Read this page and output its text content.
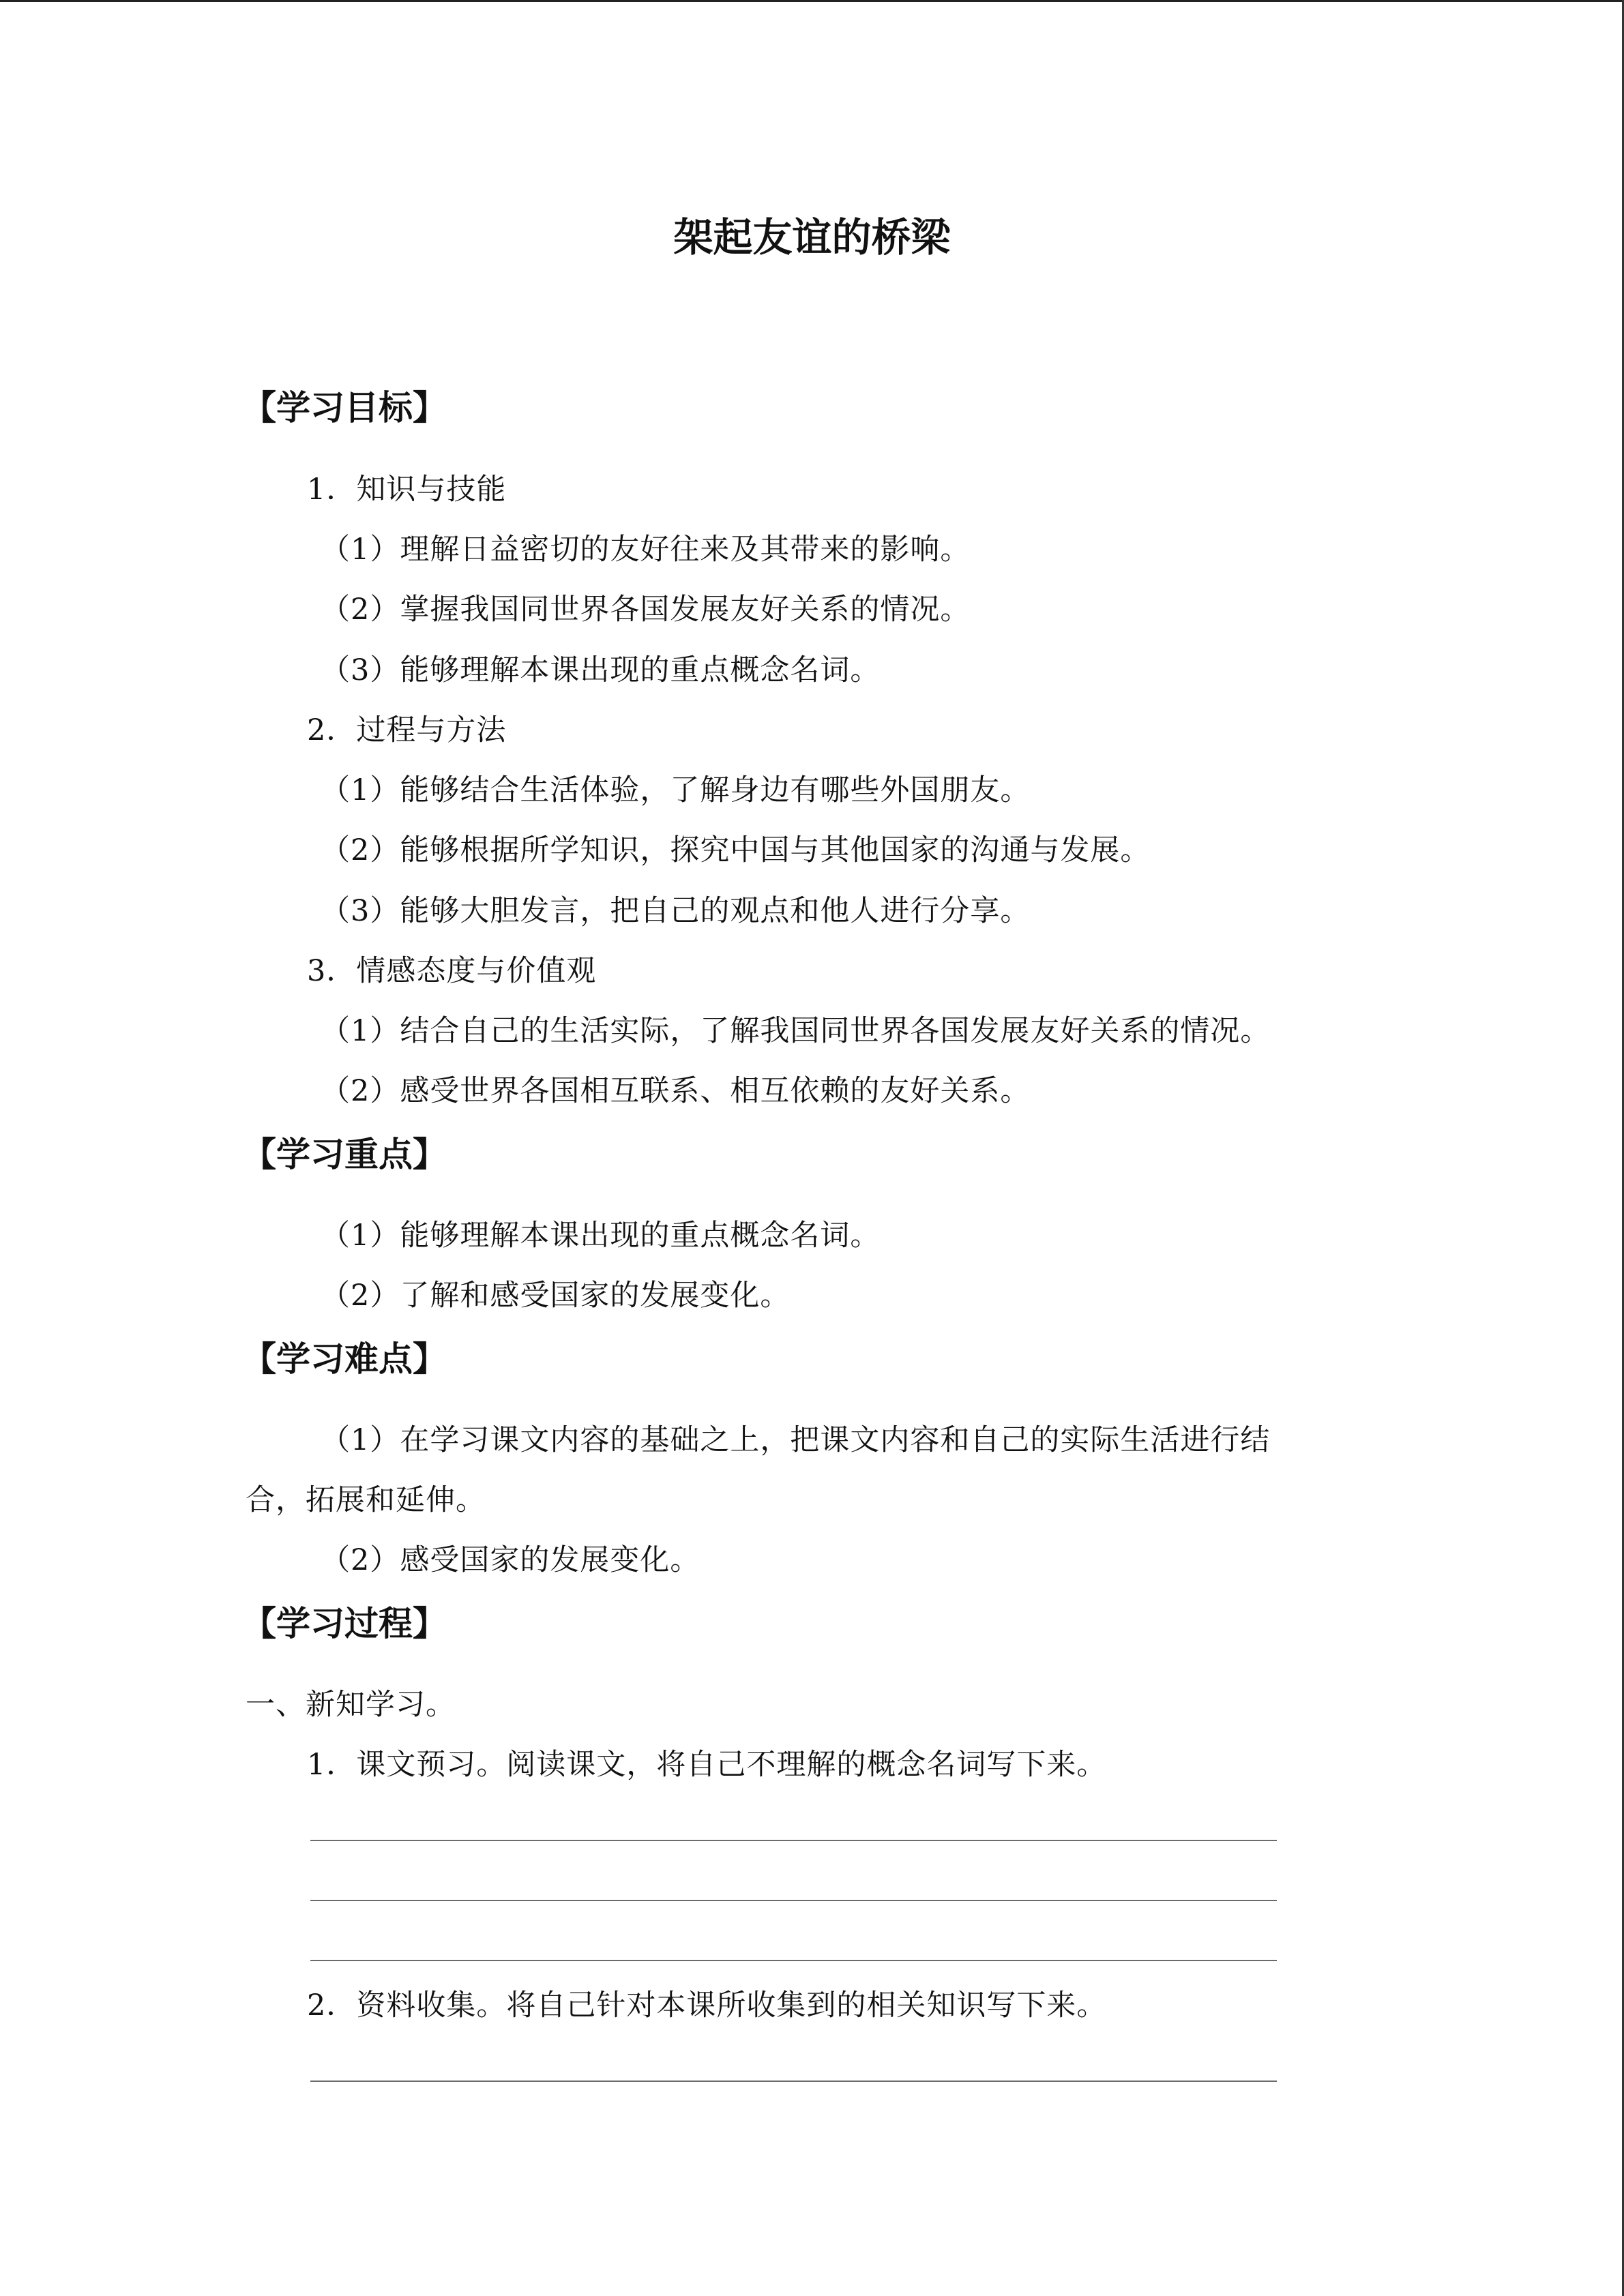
架起友谊的桥梁
【学习目标】
1．知识与技能
（1）理解日益密切的友好往来及其带来的影响。
（2）掌握我国同世界各国发展友好关系的情况。
（3）能够理解本课出现的重点概念名词。
2．过程与方法
（1）能够结合生活体验，了解身边有哪些外国朋友。
（2）能够根据所学知识，探究中国与其他国家的沟通与发展。
（3）能够大胆发言，把自己的观点和他人进行分享。
3．情感态度与价值观
（1）结合自己的生活实际，了解我国同世界各国发展友好关系的情况。
（2）感受世界各国相互联系、相互依赖的友好关系。
【学习重点】
（1）能够理解本课出现的重点概念名词。
（2）了解和感受国家的发展变化。
【学习难点】
（1）在学习课文内容的基础之上，把课文内容和自己的实际生活进行结
合，拓展和延伸。
（2）感受国家的发展变化。
【学习过程】
一、新知学习。
1．课文预习。阅读课文，将自己不理解的概念名词写下来。
2．资料收集。将自己针对本课所收集到的相关知识写下来。
